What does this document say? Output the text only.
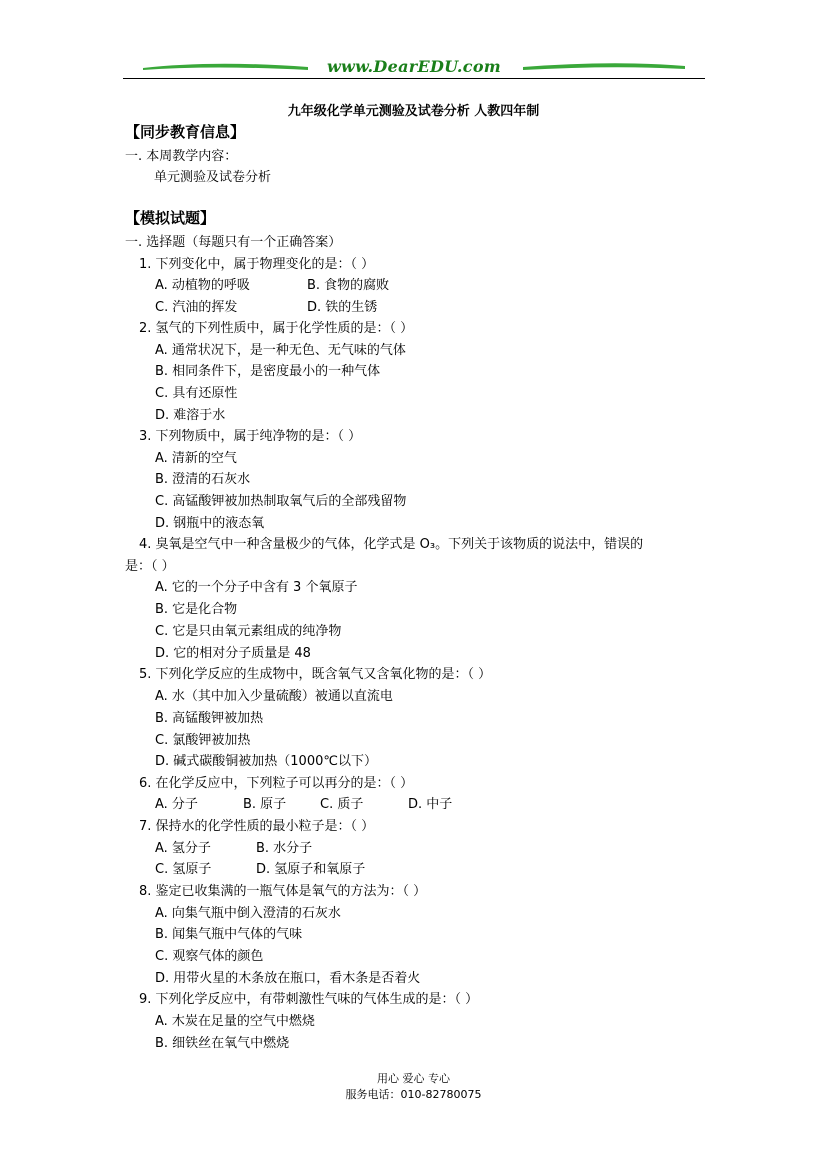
www.DearEDU.com
九年级化学单元测验及试卷分析 人教四年制
【同步教育信息】
一. 本周教学内容：
单元测验及试卷分析
【模拟试题】
一. 选择题（每题只有一个正确答案）
1. 下列变化中，属于物理变化的是：（ ）
A. 动植物的呼吸	B. 食物的腐败
C. 汽油的挥发	D. 铁的生锈
2. 氢气的下列性质中，属于化学性质的是：（ ）
A. 通常状况下，是一种无色、无气味的气体
B. 相同条件下，是密度最小的一种气体
C. 具有还原性
D. 难溶于水
3. 下列物质中，属于纯净物的是：（ ）
A. 清新的空气
B. 澄清的石灰水
C. 高锰酸钾被加热制取氧气后的全部残留物
D. 钢瓶中的液态氧
4. 臭氧是空气中一种含量极少的气体，化学式是 O₃。下列关于该物质的说法中，错误的
是：（ ）
A. 它的一个分子中含有 3 个氧原子
B. 它是化合物
C. 它是只由氧元素组成的纯净物
D. 它的相对分子质量是 48
5. 下列化学反应的生成物中，既含氧气又含氧化物的是：（ ）
A. 水（其中加入少量硫酸）被通以直流电
B. 高锰酸钾被加热
C. 氯酸钾被加热
D. 碱式碳酸铜被加热（1000℃以下）
6. 在化学反应中，下列粒子可以再分的是：（ ）
A. 分子	B. 原子	C. 质子	D. 中子
7. 保持水的化学性质的最小粒子是：（ ）
A. 氢分子	B. 水分子
C. 氢原子	D. 氢原子和氧原子
8. 鉴定已收集满的一瓶气体是氧气的方法为：（ ）
A. 向集气瓶中倒入澄清的石灰水
B. 闻集气瓶中气体的气味
C. 观察气体的颜色
D. 用带火星的木条放在瓶口，看木条是否着火
9. 下列化学反应中，有带刺激性气味的气体生成的是：（ ）
A. 木炭在足量的空气中燃烧
B. 细铁丝在氧气中燃烧
用心 爱心 专心
服务电话：010-82780075
